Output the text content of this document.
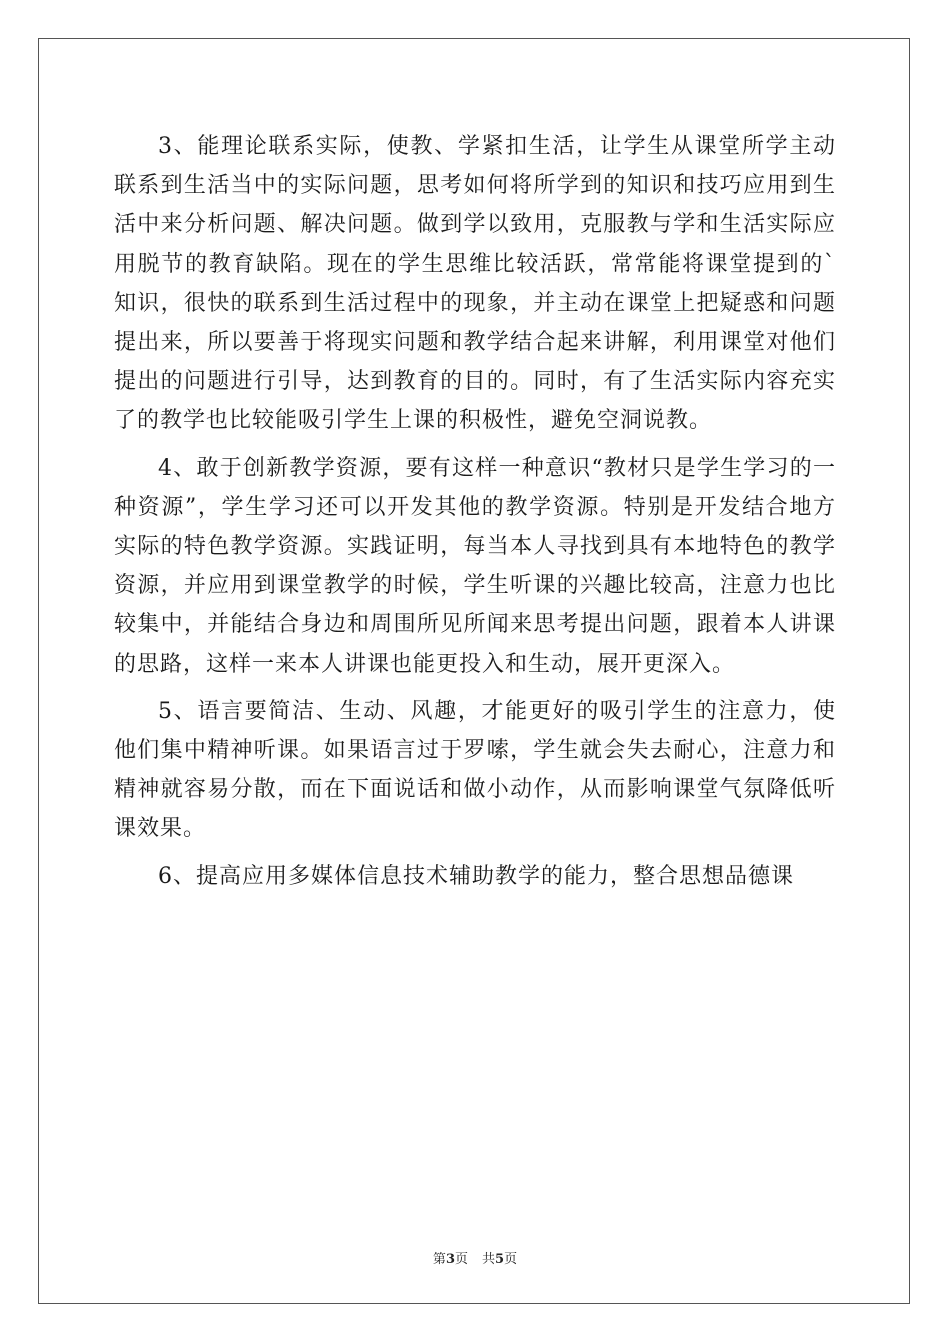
3、能理论联系实际，使教、学紧扣生活，让学生从课堂所学主动联系到生活当中的实际问题，思考如何将所学到的知识和技巧应用到生活中来分析问题、解决问题。做到学以致用，克服教与学和生活实际应用脱节的教育缺陷。现在的学生思维比较活跃，常常能将课堂提到的`知识，很快的联系到生活过程中的现象，并主动在课堂上把疑惑和问题提出来，所以要善于将现实问题和教学结合起来讲解，利用课堂对他们提出的问题进行引导，达到教育的目的。同时，有了生活实际内容充实了的教学也比较能吸引学生上课的积极性，避免空洞说教。

4、敢于创新教学资源，要有这样一种意识“教材只是学生学习的一种资源”，学生学习还可以开发其他的教学资源。特别是开发结合地方实际的特色教学资源。实践证明，每当本人寻找到具有本地特色的教学资源，并应用到课堂教学的时候，学生听课的兴趣比较高，注意力也比较集中，并能结合身边和周围所见所闻来思考提出问题，跟着本人讲课的思路，这样一来本人讲课也能更投入和生动，展开更深入。

5、语言要简洁、生动、风趣，才能更好的吸引学生的注意力，使他们集中精神听课。如果语言过于罗嗦，学生就会失去耐心，注意力和精神就容易分散，而在下面说话和做小动作，从而影响课堂气氛降低听课效果。

6、提高应用多媒体信息技术辅助教学的能力，整合思想品德课

第3页 共5页
